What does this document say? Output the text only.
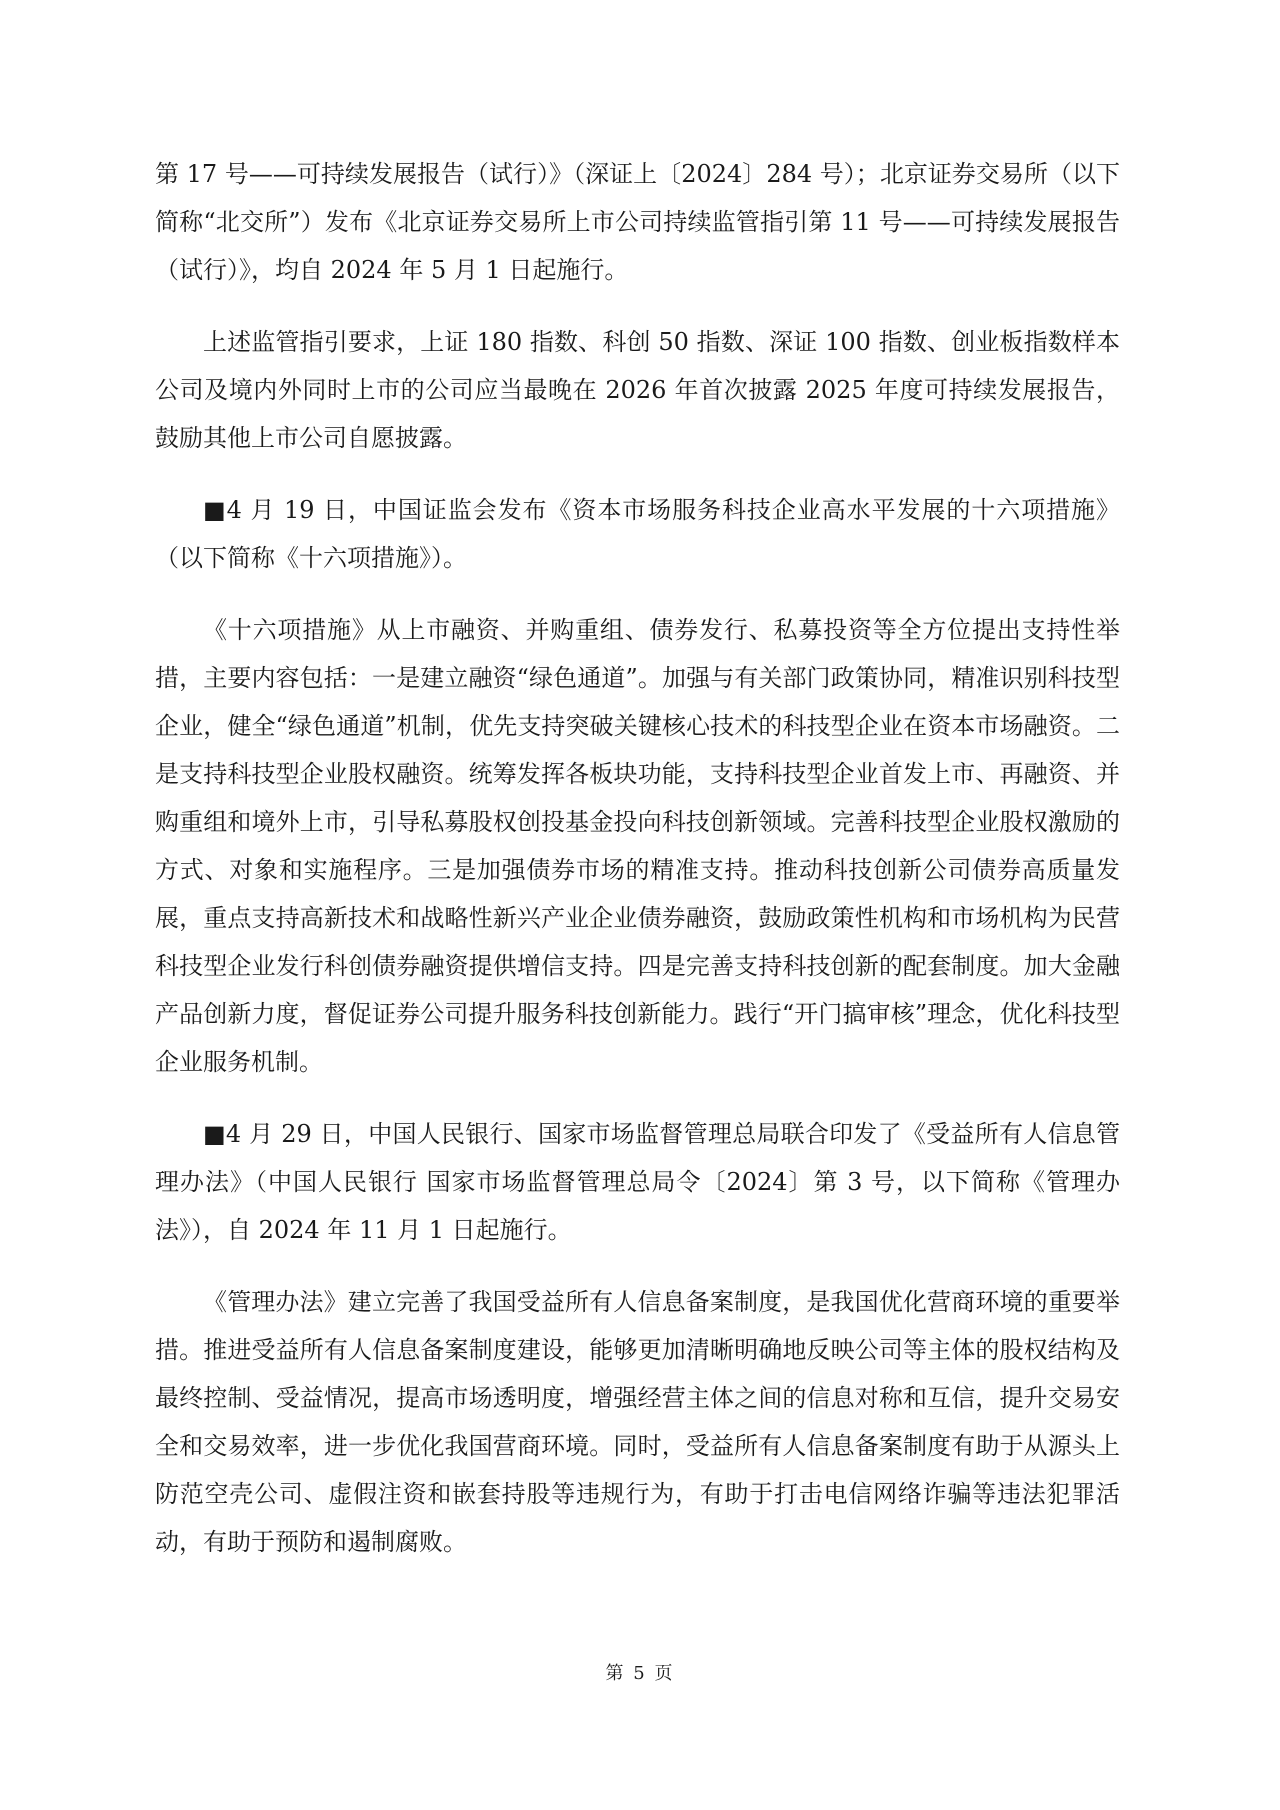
第 17 号——可持续发展报告（试行）》（深证上〔2024〕284 号）；北京证券交易所（以下简称“北交所”）发布《北京证券交易所上市公司持续监管指引第 11 号——可持续发展报告（试行）》，均自 2024 年 5 月 1 日起施行。

上述监管指引要求，上证 180 指数、科创 50 指数、深证 100 指数、创业板指数样本公司及境内外同时上市的公司应当最晚在 2026 年首次披露 2025 年度可持续发展报告，鼓励其他上市公司自愿披露。

■4 月 19 日，中国证监会发布《资本市场服务科技企业高水平发展的十六项措施》（以下简称《十六项措施》）。

《十六项措施》从上市融资、并购重组、债券发行、私募投资等全方位提出支持性举措，主要内容包括：一是建立融资“绿色通道”。加强与有关部门政策协同，精准识别科技型企业，健全“绿色通道”机制，优先支持突破关键核心技术的科技型企业在资本市场融资。二是支持科技型企业股权融资。统筹发挥各板块功能，支持科技型企业首发上市、再融资、并购重组和境外上市，引导私募股权创投基金投向科技创新领域。完善科技型企业股权激励的方式、对象和实施程序。三是加强债券市场的精准支持。推动科技创新公司债券高质量发展，重点支持高新技术和战略性新兴产业企业债券融资，鼓励政策性机构和市场机构为民营科技型企业发行科创债券融资提供增信支持。四是完善支持科技创新的配套制度。加大金融产品创新力度，督促证券公司提升服务科技创新能力。践行“开门搞审核”理念，优化科技型企业服务机制。

■4 月 29 日，中国人民银行、国家市场监督管理总局联合印发了《受益所有人信息管理办法》（中国人民银行 国家市场监督管理总局令〔2024〕第 3 号，以下简称《管理办法》），自 2024 年 11 月 1 日起施行。

《管理办法》建立完善了我国受益所有人信息备案制度，是我国优化营商环境的重要举措。推进受益所有人信息备案制度建设，能够更加清晰明确地反映公司等主体的股权结构及最终控制、受益情况，提高市场透明度，增强经营主体之间的信息对称和互信，提升交易安全和交易效率，进一步优化我国营商环境。同时，受益所有人信息备案制度有助于从源头上防范空壳公司、虚假注资和嵌套持股等违规行为，有助于打击电信网络诈骗等违法犯罪活动，有助于预防和遏制腐败。

第 5 页
